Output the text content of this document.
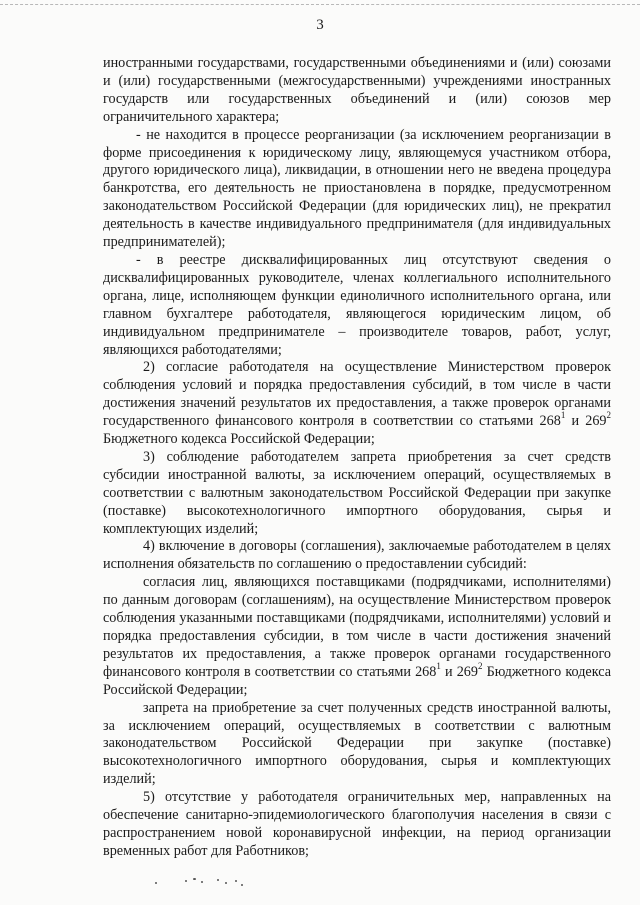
3

иностранными государствами, государственными объединениями и (или) союзами и (или) государственными (межгосударственными) учреждениями иностранных государств или государственных объединений и (или) союзов мер ограничительного характера;

- не находится в процессе реорганизации (за исключением реорганизации в форме присоединения к юридическому лицу, являющемуся участником отбора, другого юридического лица), ликвидации, в отношении него не введена процедура банкротства, его деятельность не приостановлена в порядке, предусмотренном законодательством Российской Федерации (для юридических лиц), не прекратил деятельность в качестве индивидуального предпринимателя (для индивидуальных предпринимателей);

- в реестре дисквалифицированных лиц отсутствуют сведения о дисквалифицированных руководителе, членах коллегиального исполнительного органа, лице, исполняющем функции единоличного исполнительного органа, или главном бухгалтере работодателя, являющегося юридическим лицом, об индивидуальном предпринимателе – производителе товаров, работ, услуг, являющихся работодателями;

2) согласие работодателя на осуществление Министерством проверок соблюдения условий и порядка предоставления субсидий, в том числе в части достижения значений результатов их предоставления, а также проверок органами государственного финансового контроля в соответствии со статьями $268^1$ и $269^2$ Бюджетного кодекса Российской Федерации;

3) соблюдение работодателем запрета приобретения за счет средств субсидии иностранной валюты, за исключением операций, осуществляемых в соответствии с валютным законодательством Российской Федерации при закупке (поставке) высокотехнологичного импортного оборудования, сырья и комплектующих изделий;

4) включение в договоры (соглашения), заключаемые работодателем в целях исполнения обязательств по соглашению о предоставлении субсидий:

согласия лиц, являющихся поставщиками (подрядчиками, исполнителями) по данным договорам (соглашениям), на осуществление Министерством проверок соблюдения указанными поставщиками (подрядчиками, исполнителями) условий и порядка предоставления субсидии, в том числе в части достижения значений результатов их предоставления, а также проверок органами государственного финансового контроля в соответствии со статьями $268^1$ и $269^2$ Бюджетного кодекса Российской Федерации;

запрета на приобретение за счет полученных средств иностранной валюты, за исключением операций, осуществляемых в соответствии с валютным законодательством Российской Федерации при закупке (поставке) высокотехнологичного импортного оборудования, сырья и комплектующих изделий;

5) отсутствие у работодателя ограничительных мер, направленных на обеспечение санитарно-эпидемиологического благополучия населения в связи с распространением новой коронавирусной инфекции, на период организации временных работ для Работников;
